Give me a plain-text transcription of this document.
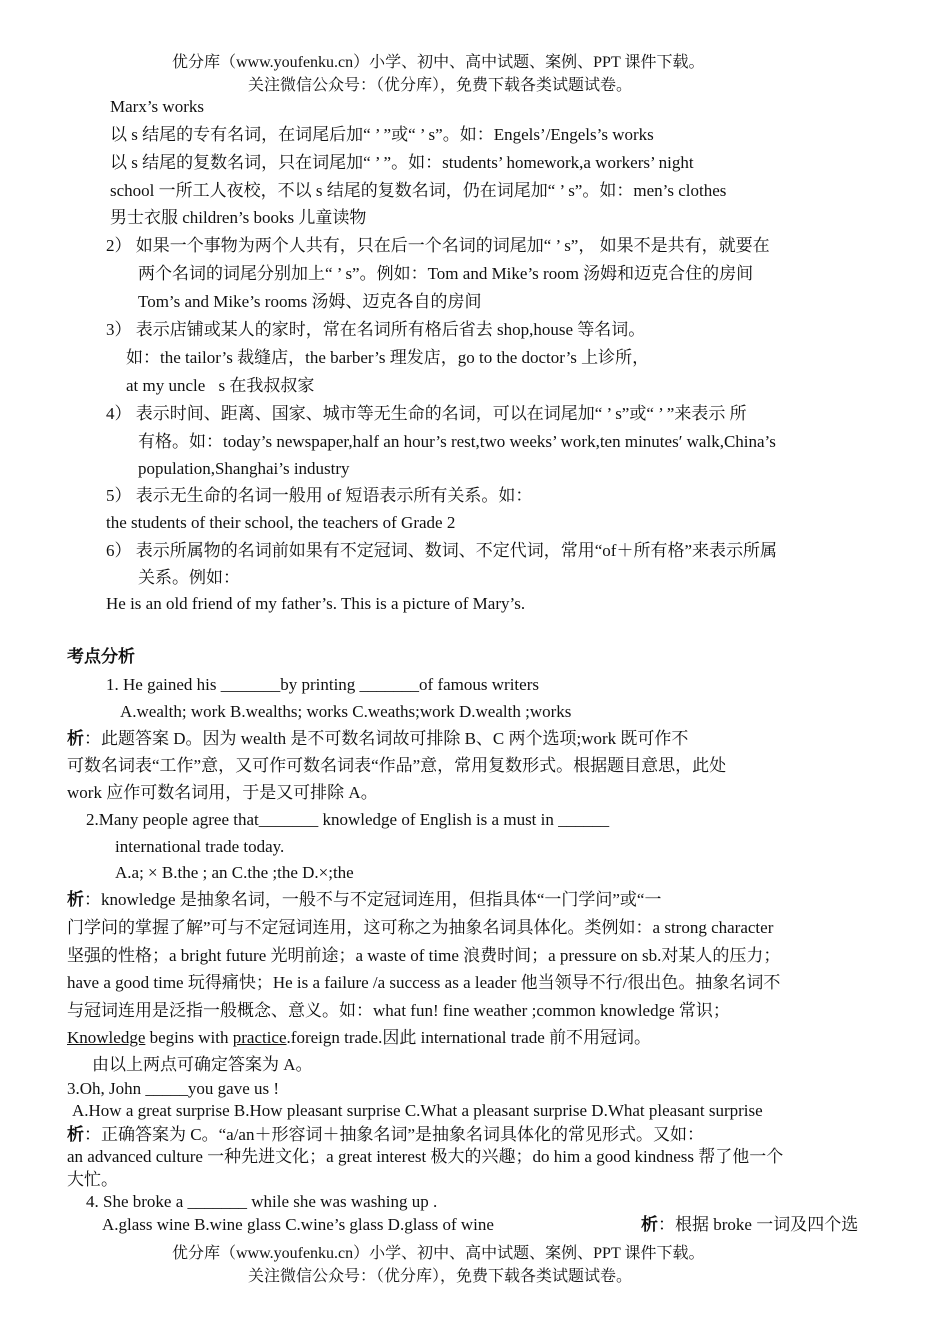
优分库（www.youfenku.cn）小学、初中、高中试题、案例、PPT 课件下载。
关注微信公众号：（优分库），免费下载各类试题试卷。
Marx’s works
以 s 结尾的专有名词，在词尾后加“ ’ ”或“ ’ s”。如：Engels’/Engels’s works
以 s 结尾的复数名词，只在词尾加“ ’ ”。如：students’ homework,a workers’ night
school 一所工人夜校，不以 s 结尾的复数名词，仍在词尾加“ ’ s”。如：men’s clothes
男士衣服 children’s books 儿童读物
2） 如果一个事物为两个人共有，只在后一个名词的词尾加“ ’ s”， 如果不是共有，就要在
两个名词的词尾分别加上“ ’ s”。例如：Tom and Mike’s room 汤姆和迈克合住的房间
Tom’s and Mike’s rooms 汤姆、迈克各自的房间
3） 表示店铺或某人的家时，常在名词所有格后省去 shop,house 等名词。
如：the tailor’s 裁缝店，the barber’s 理发店，go to the doctor’s 上诊所，
at my uncle s 在我叔叔家
4） 表示时间、距离、国家、城市等无生命的名词，可以在词尾加“ ’ s”或“ ’ ”来表示 所
有格。如：today’s newspaper,half an hour’s rest,two weeks’ work,ten minutes′ walk,China’s
population,Shanghai’s industry
5） 表示无生命的名词一般用 of 短语表示所有关系。如：
the students of their school, the teachers of Grade 2
6） 表示所属物的名词前如果有不定冠词、数词、不定代词，常用“of＋所有格”来表示所属
关系。例如：
He is an old friend of my father’s. This is a picture of Mary’s.
考点分析
1. He gained his _______by printing _______of famous writers
A.wealth; work B.wealths; works C.weaths;work D.wealth ;works
析：此题答案 D。因为 wealth 是不可数名词故可排除 B、C 两个选项;work 既可作不
可数名词表“工作”意，又可作可数名词表“作品”意，常用复数形式。根据题目意思，此处
work 应作可数名词用，于是又可排除 A。
2.Many people agree that_______ knowledge of English is a must in ______
international trade today.
A.a; × B.the ; an C.the ;the D.×;the
析：knowledge 是抽象名词，一般不与不定冠词连用，但指具体“一门学问”或“一
门学问的掌握了解”可与不定冠词连用，这可称之为抽象名词具体化。类例如：a strong character
坚强的性格；a bright future 光明前途；a waste of time 浪费时间；a pressure on sb.对某人的压力；
have a good time 玩得痛快；He is a failure /a success as a leader 他当领导不行/很出色。抽象名词不
与冠词连用是泛指一般概念、意义。如：what fun! fine weather ;common knowledge 常识；
Knowledge begins with practice.foreign trade.因此 international trade 前不用冠词。
由以上两点可确定答案为 A。
3.Oh, John _____you gave us !
A.How a great surprise B.How pleasant surprise C.What a pleasant surprise D.What pleasant surprise
析：正确答案为 C。“a/an＋形容词＋抽象名词”是抽象名词具体化的常见形式。又如：
an advanced culture 一种先进文化；a great interest 极大的兴趣；do him a good kindness 帮了他一个
大忙。
4. She broke a _______ while she was washing up .
A.glass wine B.wine glass C.wine’s glass D.glass of wine	析：根据 broke 一词及四个选
优分库（www.youfenku.cn）小学、初中、高中试题、案例、PPT 课件下载。
关注微信公众号：（优分库），免费下载各类试题试卷。
